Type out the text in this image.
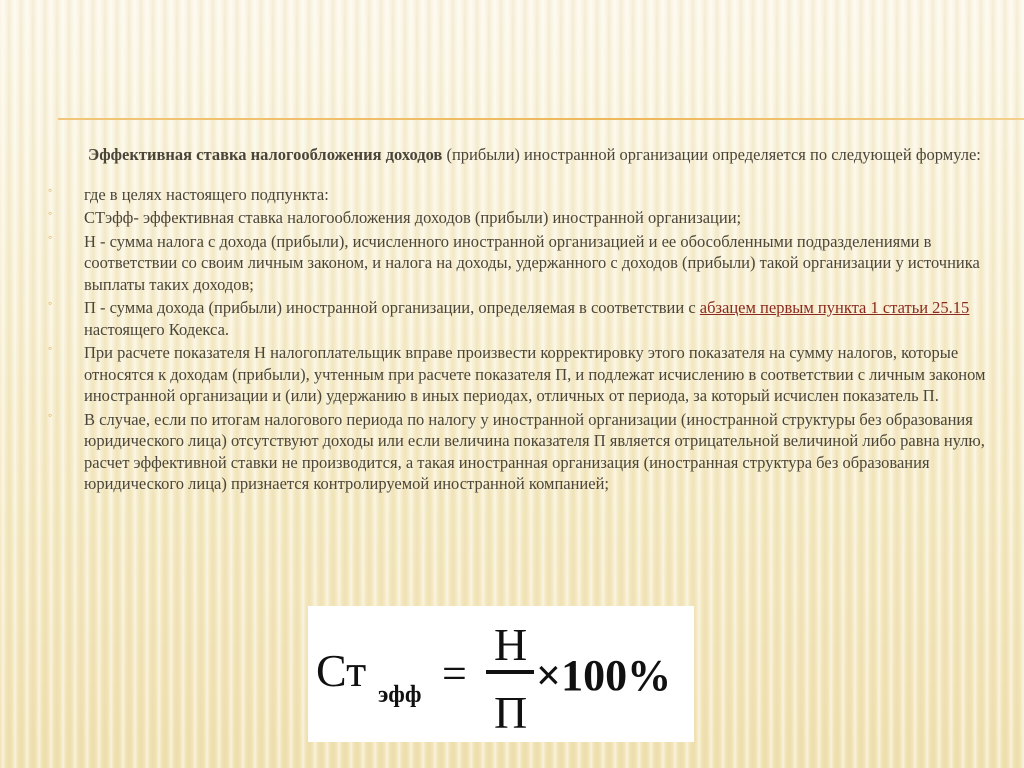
Эффективная ставка налогообложения доходов (прибыли) иностранной организации определяется по следующей формуле:

◦ где в целях настоящего подпункта:
◦ СТэфф- эффективная ставка налогообложения доходов (прибыли) иностранной организации;
◦ Н - сумма налога с дохода (прибыли), исчисленного иностранной организацией и ее обособленными подразделениями в соответствии со своим личным законом, и налога на доходы, удержанного с доходов (прибыли) такой организации у источника выплаты таких доходов;
◦ П - сумма дохода (прибыли) иностранной организации, определяемая в соответствии с абзацем первым пункта 1 статьи 25.15 настоящего Кодекса.
◦ При расчете показателя Н налогоплательщик вправе произвести корректировку этого показателя на сумму налогов, которые относятся к доходам (прибыли), учтенным при расчете показателя П, и подлежат исчислению в соответствии с личным законом иностранной организации и (или) удержанию в иных периодах, отличных от периода, за который исчислен показатель П.
◦ В случае, если по итогам налогового периода по налогу у иностранной организации (иностранной структуры без образования юридического лица) отсутствуют доходы или если величина показателя П является отрицательной величиной либо равна нулю, расчет эффективной ставки не производится, а такая иностранная организация (иностранная структура без образования юридического лица) признается контролируемой иностранной компанией;
Ст эфф =
Н
П
×100%
